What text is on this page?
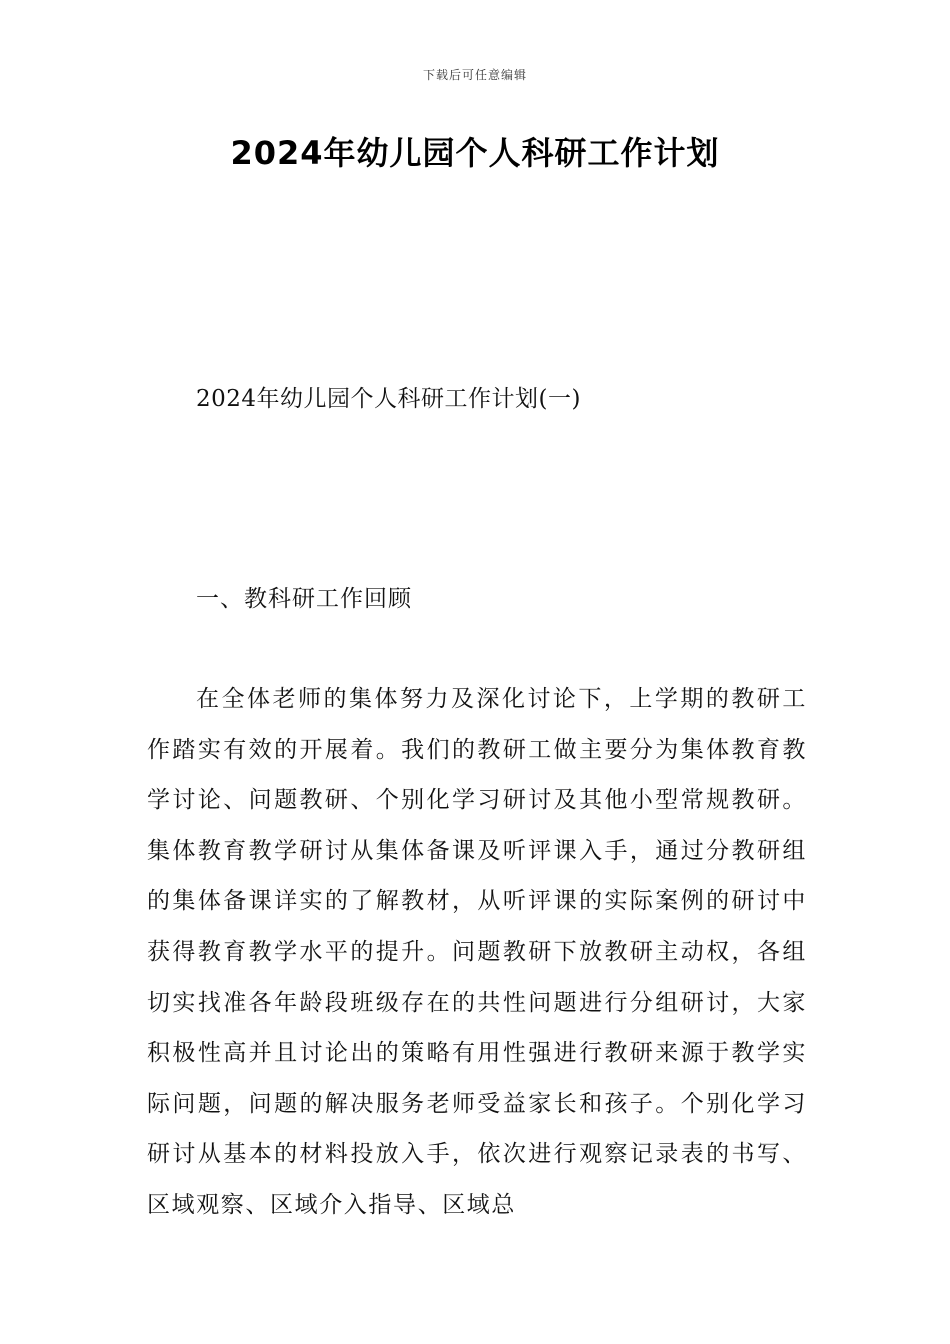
下载后可任意编辑
2024年幼儿园个人科研工作计划
2024年幼儿园个人科研工作计划(一)
一、教科研工作回顾

在全体老师的集体努力及深化讨论下，上学期的教研工作踏实有效的开展着。我们的教研工做主要分为集体教育教学讨论、问题教研、个别化学习研讨及其他小型常规教研。集体教育教学研讨从集体备课及听评课入手，通过分教研组的集体备课详实的了解教材，从听评课的实际案例的研讨中获得教育教学水平的提升。问题教研下放教研主动权，各组切实找准各年龄段班级存在的共性问题进行分组研讨，大家积极性高并且讨论出的策略有用性强进行教研来源于教学实际问题，问题的解决服务老师受益家长和孩子。个别化学习研讨从基本的材料投放入手，依次进行观察记录表的书写、区域观察、区域介入指导、区域总
